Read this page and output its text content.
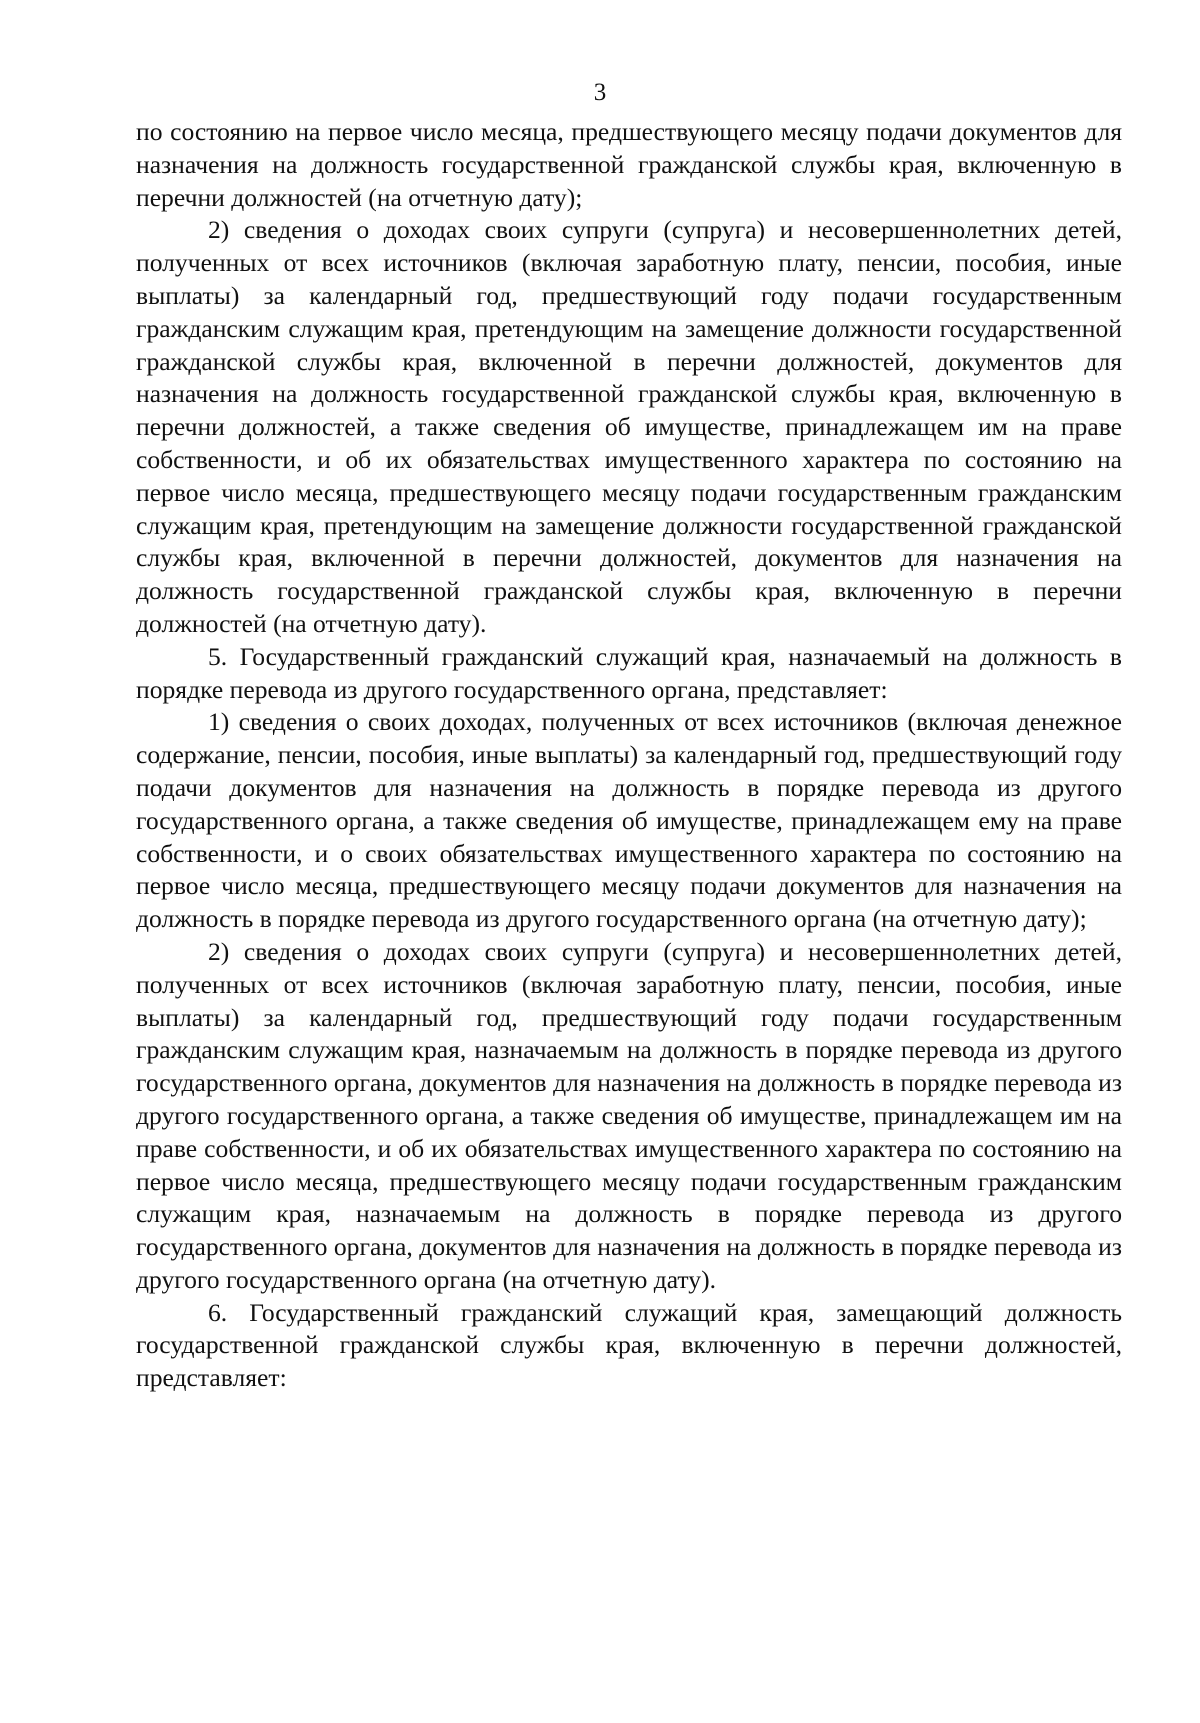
3

по состоянию на первое число месяца, предшествующего месяцу подачи документов для назначения на должность государственной гражданской службы края, включенную в перечни должностей (на отчетную дату);

2) сведения о доходах своих супруги (супруга) и несовершеннолетних детей, полученных от всех источников (включая заработную плату, пенсии, пособия, иные выплаты) за календарный год, предшествующий году подачи государственным гражданским служащим края, претендующим на замещение должности государственной гражданской службы края, включенной в перечни должностей, документов для назначения на должность государственной гражданской службы края, включенную в перечни должностей, а также сведения об имуществе, принадлежащем им на праве собственности, и об их обязательствах имущественного характера по состоянию на первое число месяца, предшествующего месяцу подачи государственным гражданским служащим края, претендующим на замещение должности государственной гражданской службы края, включенной в перечни должностей, документов для назначения на должность государственной гражданской службы края, включенную в перечни должностей (на отчетную дату).

5. Государственный гражданский служащий края, назначаемый на должность в порядке перевода из другого государственного органа, представляет:

1) сведения о своих доходах, полученных от всех источников (включая денежное содержание, пенсии, пособия, иные выплаты) за календарный год, предшествующий году подачи документов для назначения на должность в порядке перевода из другого государственного органа, а также сведения об имуществе, принадлежащем ему на праве собственности, и о своих обязательствах имущественного характера по состоянию на первое число месяца, предшествующего месяцу подачи документов для назначения на должность в порядке перевода из другого государственного органа (на отчетную дату);

2) сведения о доходах своих супруги (супруга) и несовершеннолетних детей, полученных от всех источников (включая заработную плату, пенсии, пособия, иные выплаты) за календарный год, предшествующий году подачи государственным гражданским служащим края, назначаемым на должность в порядке перевода из другого государственного органа, документов для назначения на должность в порядке перевода из другого государственного органа, а также сведения об имуществе, принадлежащем им на праве собственности, и об их обязательствах имущественного характера по состоянию на первое число месяца, предшествующего месяцу подачи государственным гражданским служащим края, назначаемым на должность в порядке перевода из другого государственного органа, документов для назначения на должность в порядке перевода из другого государственного органа (на отчетную дату).

6. Государственный гражданский служащий края, замещающий должность государственной гражданской службы края, включенную в перечни должностей, представляет:
